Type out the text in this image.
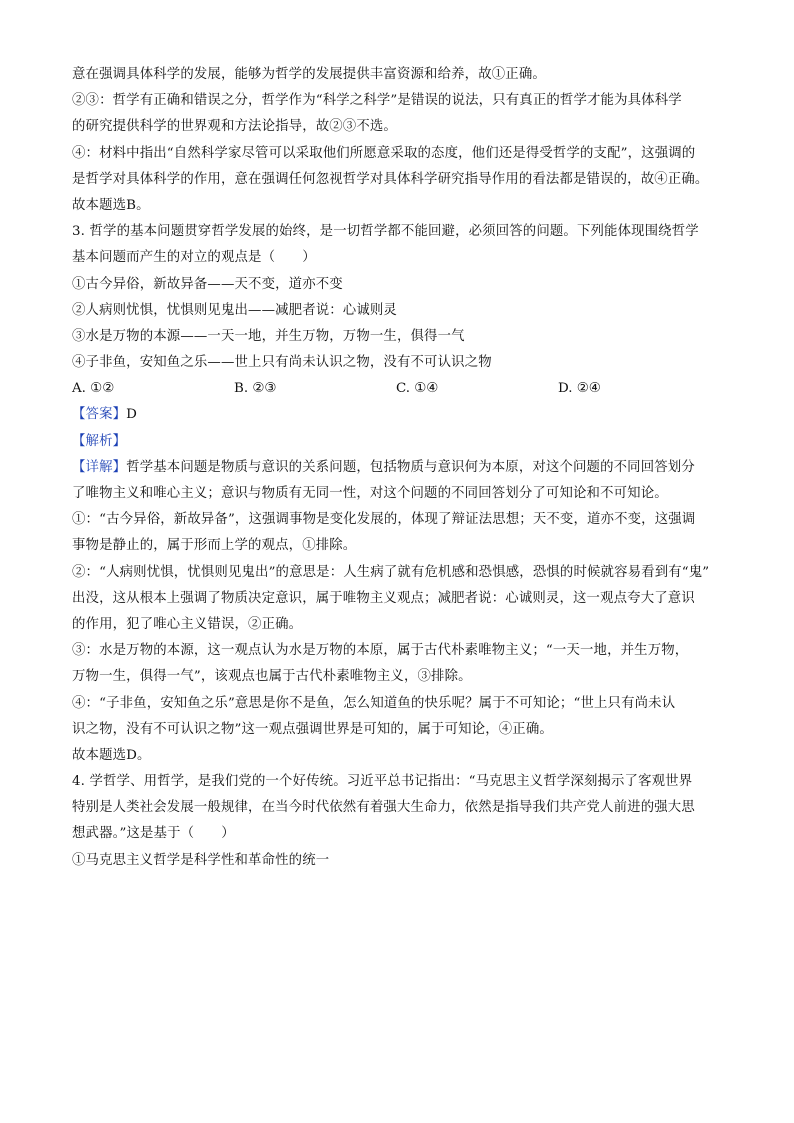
意在强调具体科学的发展，能够为哲学的发展提供丰富资源和给养，故①正确。
②③：哲学有正确和错误之分，哲学作为“科学之科学”是错误的说法，只有真正的哲学才能为具体科学
的研究提供科学的世界观和方法论指导，故②③不选。
④：材料中指出“自然科学家尽管可以采取他们所愿意采取的态度，他们还是得受哲学的支配”，这强调的
是哲学对具体科学的作用，意在强调任何忽视哲学对具体科学研究指导作用的看法都是错误的，故④正确。
故本题选B。
3. 哲学的基本问题贯穿哲学发展的始终，是一切哲学都不能回避，必须回答的问题。下列能体现围绕哲学
基本问题而产生的对立的观点是（　　）
①古今异俗，新故异备——天不变，道亦不变
②人病则忧惧，忧惧则见鬼出——减肥者说：心诚则灵
③水是万物的本源——一天一地，并生万物，万物一生，俱得一气
④子非鱼，安知鱼之乐——世上只有尚未认识之物，没有不可认识之物
A. ①②	B. ②③	C. ①④	D. ②④
【答案】D
【解析】
【详解】哲学基本问题是物质与意识的关系问题，包括物质与意识何为本原，对这个问题的不同回答划分
了唯物主义和唯心主义；意识与物质有无同一性，对这个问题的不同回答划分了可知论和不可知论。
①：“古今异俗，新故异备”，这强调事物是变化发展的，体现了辩证法思想；天不变，道亦不变，这强调
事物是静止的，属于形而上学的观点，①排除。
②：“人病则忧惧，忧惧则见鬼出”的意思是：人生病了就有危机感和恐惧感，恐惧的时候就容易看到有“鬼”
出没，这从根本上强调了物质决定意识，属于唯物主义观点；减肥者说：心诚则灵，这一观点夸大了意识
的作用，犯了唯心主义错误，②正确。
③：水是万物的本源，这一观点认为水是万物的本原，属于古代朴素唯物主义；“一天一地，并生万物，
万物一生，俱得一气”，该观点也属于古代朴素唯物主义，③排除。
④：“子非鱼，安知鱼之乐”意思是你不是鱼，怎么知道鱼的快乐呢？属于不可知论；“世上只有尚未认
识之物，没有不可认识之物”这一观点强调世界是可知的，属于可知论，④正确。
故本题选D。
4. 学哲学、用哲学，是我们党的一个好传统。习近平总书记指出：“马克思主义哲学深刻揭示了客观世界
特别是人类社会发展一般规律，在当今时代依然有着强大生命力，依然是指导我们共产党人前进的强大思
想武器。”这是基于（　　）
①马克思主义哲学是科学性和革命性的统一
